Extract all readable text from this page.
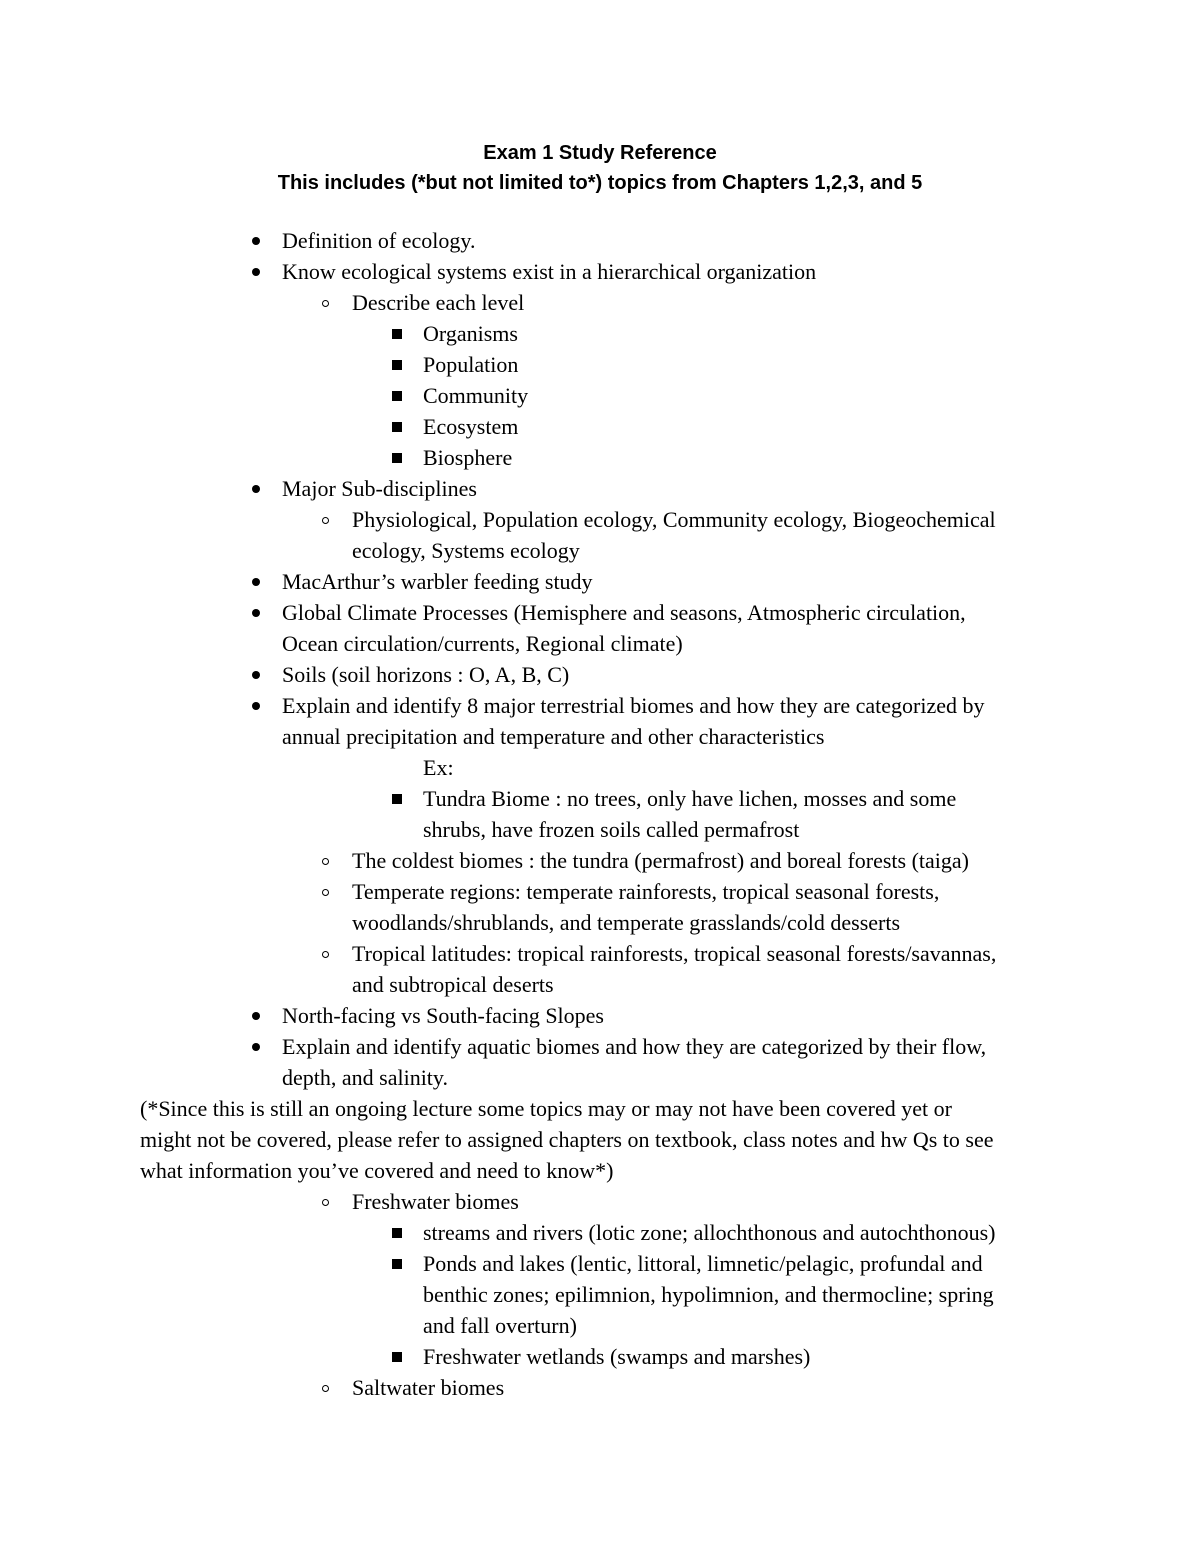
Exam 1 Study Reference
This includes (*but not limited to*) topics from Chapters 1,2,3, and 5
Definition of ecology.
Know ecological systems exist in a hierarchical organization
Describe each level
Organisms
Population
Community
Ecosystem
Biosphere
Major Sub-disciplines
Physiological, Population ecology, Community ecology, Biogeochemical
ecology, Systems ecology
MacArthur’s warbler feeding study
Global Climate Processes (Hemisphere and seasons, Atmospheric circulation,
Ocean circulation/currents, Regional climate)
Soils (soil horizons : O, A, B, C)
Explain and identify 8 major terrestrial biomes and how they are categorized by
annual precipitation and temperature and other characteristics
Ex:
Tundra Biome : no trees, only have lichen, mosses and some
shrubs, have frozen soils called permafrost
The coldest biomes : the tundra (permafrost) and boreal forests (taiga)
Temperate regions: temperate rainforests, tropical seasonal forests,
woodlands/shrublands, and temperate grasslands/cold desserts
Tropical latitudes: tropical rainforests, tropical seasonal forests/savannas,
and subtropical deserts
North-facing vs South-facing Slopes
Explain and identify aquatic biomes and how they are categorized by their flow,
depth, and salinity.
(*Since this is still an ongoing lecture some topics may or may not have been covered yet or
might not be covered, please refer to assigned chapters on textbook, class notes and hw Qs to see
what information you’ve covered and need to know*)
Freshwater biomes
streams and rivers (lotic zone; allochthonous and autochthonous)
Ponds and lakes (lentic, littoral, limnetic/pelagic, profundal and
benthic zones; epilimnion, hypolimnion, and thermocline; spring
and fall overturn)
Freshwater wetlands (swamps and marshes)
Saltwater biomes
